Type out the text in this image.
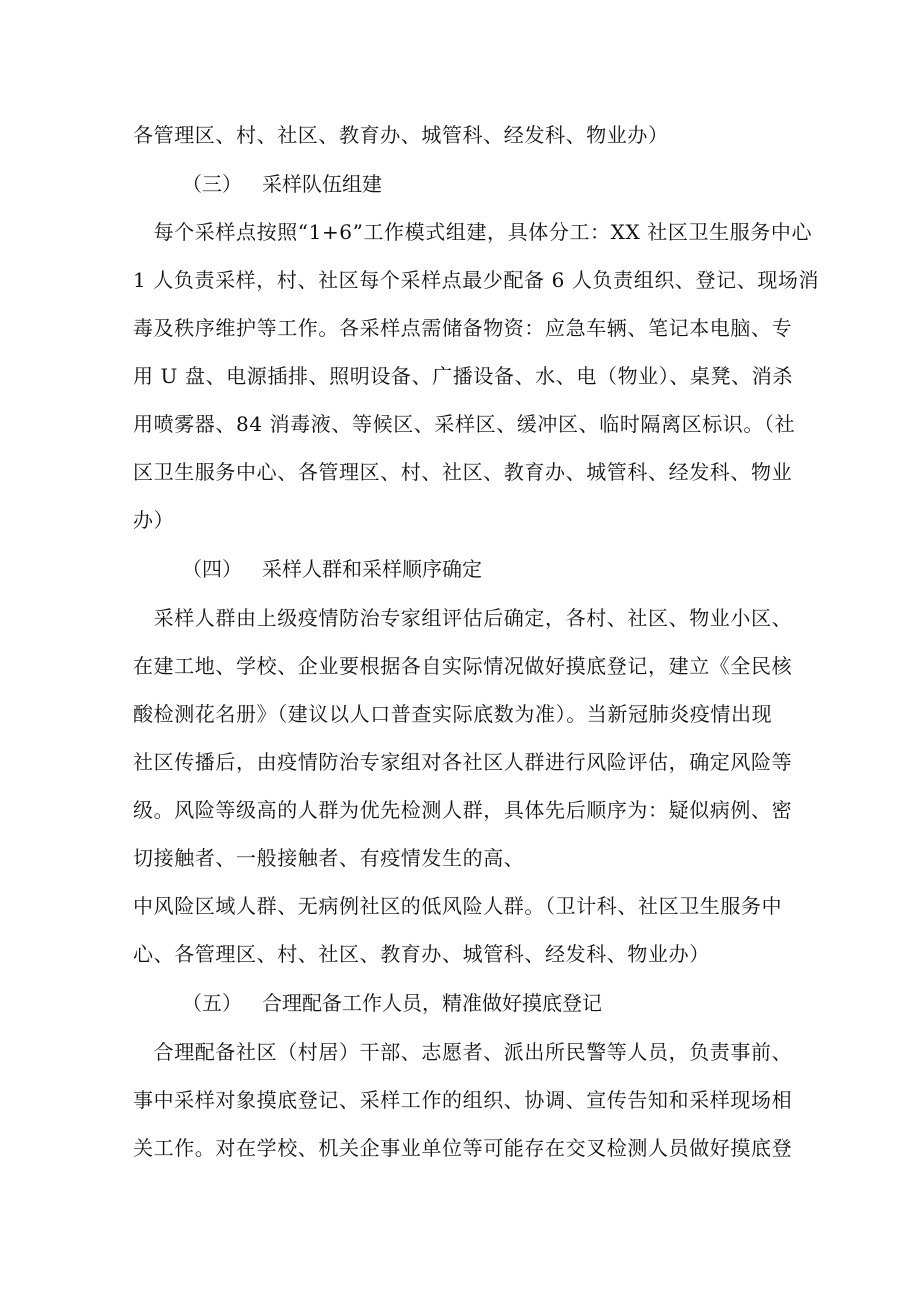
各管理区、村、社区、教育办、城管科、经发科、物业办）
（三） 采样队伍组建
　每个采样点按照“1+6”工作模式组建，具体分工：XX 社区卫生服务中心
1 人负责采样，村、社区每个采样点最少配备 6 人负责组织、登记、现场消
毒及秩序维护等工作。各采样点需储备物资：应急车辆、笔记本电脑、专
用 U 盘、电源插排、照明设备、广播设备、水、电（物业）、桌凳、消杀
用喷雾器、84 消毒液、等候区、采样区、缓冲区、临时隔离区标识。（社
区卫生服务中心、各管理区、村、社区、教育办、城管科、经发科、物业
办）
（四） 采样人群和采样顺序确定
　采样人群由上级疫情防治专家组评估后确定，各村、社区、物业小区、
在建工地、学校、企业要根据各自实际情况做好摸底登记，建立《全民核
酸检测花名册》（建议以人口普查实际底数为准）。当新冠肺炎疫情出现
社区传播后，由疫情防治专家组对各社区人群进行风险评估，确定风险等
级。风险等级高的人群为优先检测人群，具体先后顺序为：疑似病例、密
切接触者、一般接触者、有疫情发生的高、
中风险区域人群、无病例社区的低风险人群。（卫计科、社区卫生服务中
心、各管理区、村、社区、教育办、城管科、经发科、物业办）
（五） 合理配备工作人员，精准做好摸底登记
　合理配备社区（村居）干部、志愿者、派出所民警等人员，负责事前、
事中采样对象摸底登记、采样工作的组织、协调、宣传告知和采样现场相
关工作。对在学校、机关企事业单位等可能存在交叉检测人员做好摸底登
